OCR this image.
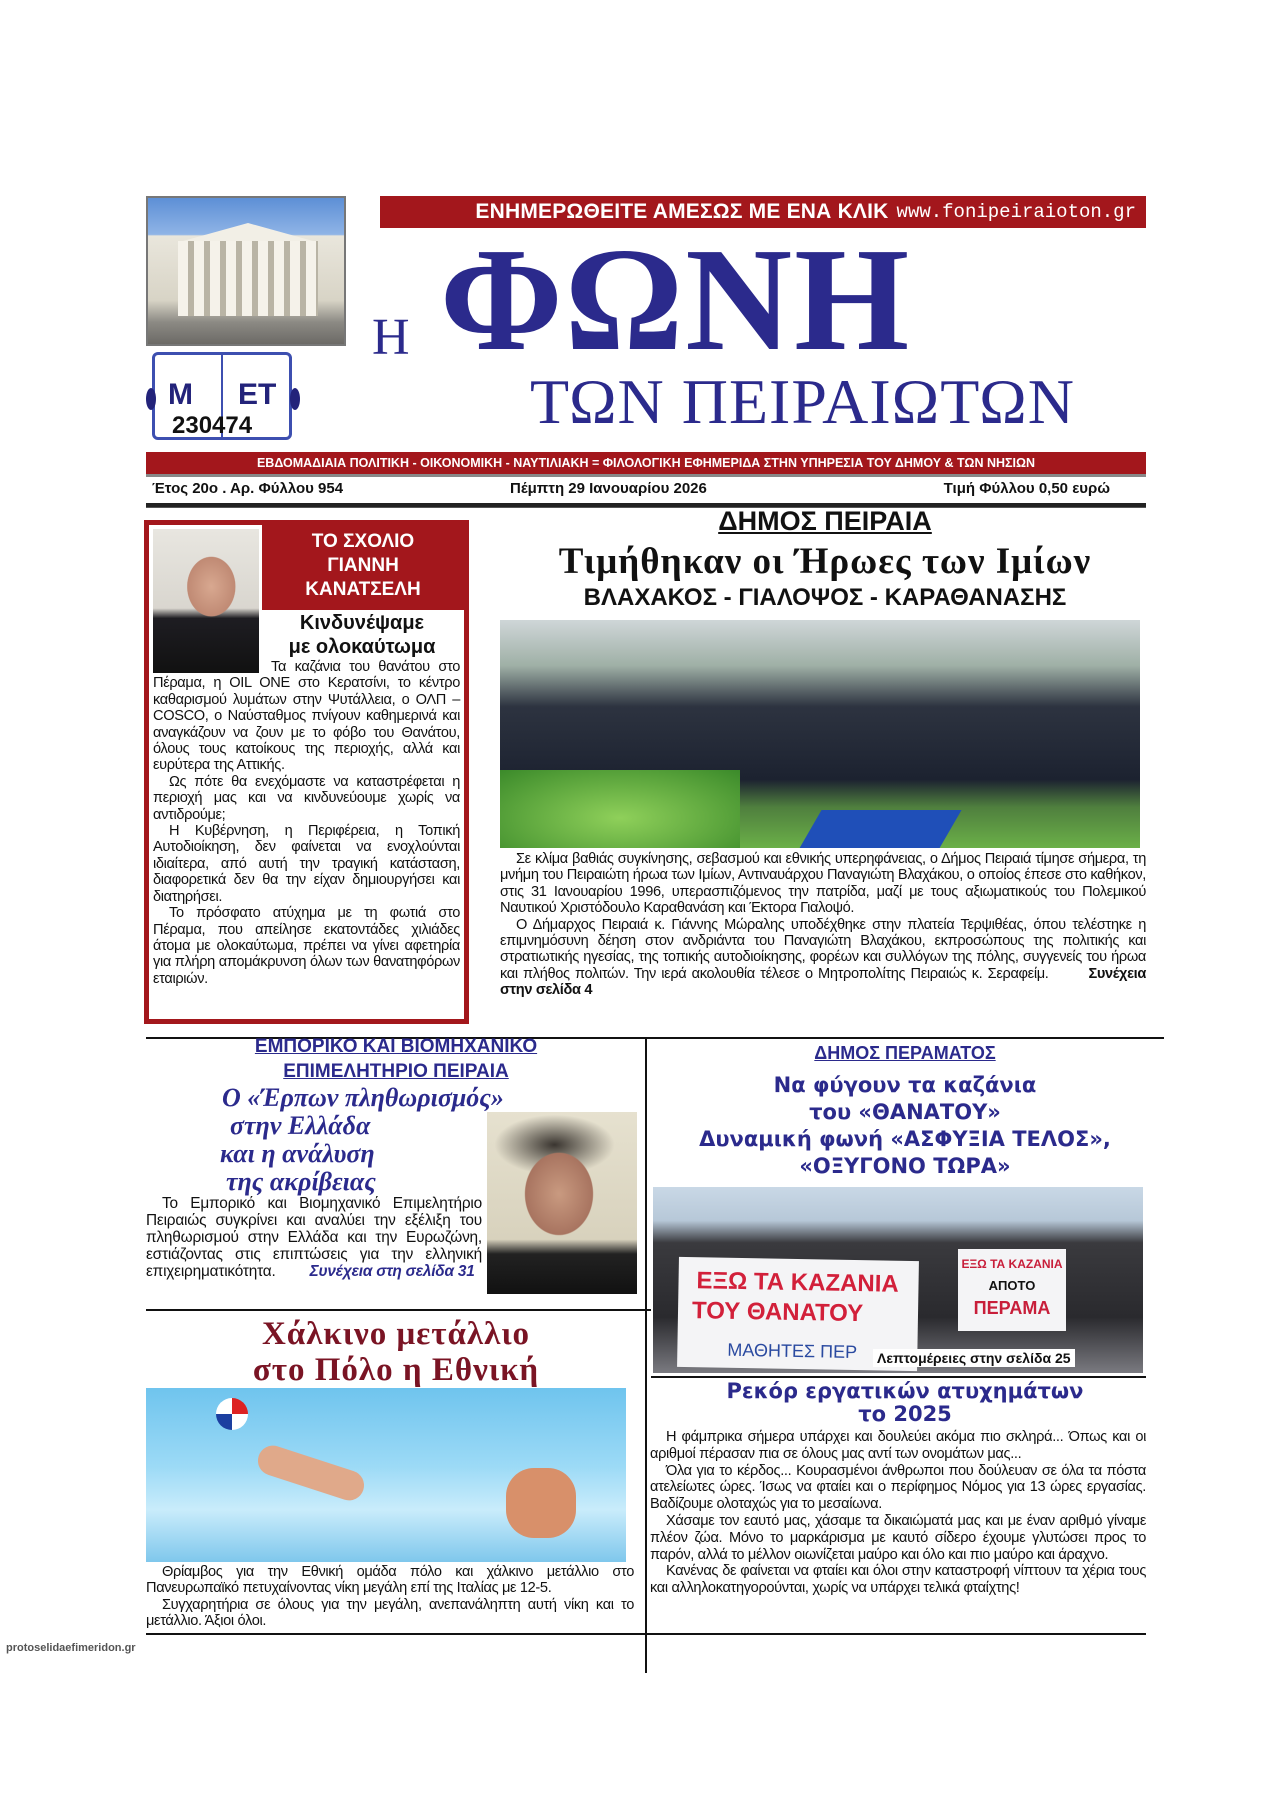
ΕΝΗΜΕΡΩΘΕΙΤΕ ΑΜΕΣΩΣ ΜΕ ΕΝΑ ΚΛΙΚ www.fonipeiraioton.gr
Η ΦΩΝΗ
ΤΩΝ ΠΕΙΡΑΙΩΤΩΝ
Μ ΕΤ
230474
ΕΒΔΟΜΑΔΙΑΙΑ ΠΟΛΙΤΙΚΗ - ΟΙΚΟΝΟΜΙΚΗ - ΝΑΥΤΙΛΙΑΚΗ = ΦΙΛΟΛΟΓΙΚΗ ΕΦΗΜΕΡΙΔΑ ΣΤΗΝ ΥΠΗΡΕΣΙΑ ΤΟΥ ΔΗΜΟΥ & ΤΩΝ ΝΗΣΙΩΝ
Έτος 20ο . Αρ. Φύλλου 954	Πέμπτη 29 Ιανουαρίου 2026	Τιμή Φύλλου 0,50 ευρώ
ΤΟ ΣΧΟΛΙΟ
ΓΙΑΝΝΗ
ΚΑΝΑΤΣΕΛΗ
Κινδυνέψαμε
με ολοκαύτωμα

Τα καζάνια του θανάτου στο Πέραμα, η OIL ONE στο Κερατσίνι, το κέντρο καθαρισμού λυμάτων στην Ψυτάλλεια, ο ΟΛΠ – COSCO, ο Ναύσταθμος πνίγουν καθημερινά και αναγκάζουν να ζουν με το φόβο του Θανάτου, όλους τους κατοίκους της περιοχής, αλλά και ευρύτερα της Αττικής.

Ως πότε θα ενεχόμαστε να καταστρέφεται η περιοχή μας και να κινδυνεύουμε χωρίς να αντιδρούμε;

Η Κυβέρνηση, η Περιφέρεια, η Τοπική Αυτοδιοίκηση, δεν φαίνεται να ενοχλούνται ιδιαίτερα, από αυτή την τραγική κατάσταση, διαφορετικά δεν θα την είχαν δημιουργήσει και διατηρήσει.

Το πρόσφατο ατύχημα με τη φωτιά στο Πέραμα, που απείλησε εκατοντάδες χιλιάδες άτομα με ολοκαύτωμα, πρέπει να γίνει αφετηρία για πλήρη απομάκρυνση όλων των θανατηφόρων εταιριών.

ΔΗΜΟΣ ΠΕΙΡΑΙΑ
Τιμήθηκαν οι Ήρωες των Ιμίων
ΒΛΑΧΑΚΟΣ - ΓΙΑΛΟΨΟΣ - ΚΑΡΑΘΑΝΑΣΗΣ

Σε κλίμα βαθιάς συγκίνησης, σεβασμού και εθνικής υπερηφάνειας, ο Δήμος Πειραιά τίμησε σήμερα, τη μνήμη του Πειραιώτη ήρωα των Ιμίων, Αντιναυάρχου Παναγιώτη Βλαχάκου, ο οποίος έπεσε στο καθήκον, στις 31 Ιανουαρίου 1996, υπερασπιζόμενος την πατρίδα, μαζί με τους αξιωματικούς του Πολεμικού Ναυτικού Χριστόδουλο Καραθανάση και Έκτορα Γιαλοψό.

Ο Δήμαρχος Πειραιά κ. Γιάννης Μώραλης υποδέχθηκε στην πλατεία Τερψιθέας, όπου τελέστηκε η επιμνημόσυνη δέηση στον ανδριάντα του Παναγιώτη Βλαχάκου, εκπροσώπους της πολιτικής και στρατιωτικής ηγεσίας, της τοπικής αυτοδιοίκησης, φορέων και συλλόγων της πόλης, συγγενείς του ήρωα και πλήθος πολιτών. Την ιερά ακολουθία τέλεσε ο Μητροπολίτης Πειραιώς κ. Σεραφείμ.	Συνέχεια στην σελίδα 4

ΕΜΠΟΡΙΚΟ ΚΑΙ ΒΙΟΜΗΧΑΝΙΚΟ
ΕΠΙΜΕΛΗΤΗΡΙΟ ΠΕΙΡΑΙΑ
Ο «Έρπων πληθωρισμός»
στην Ελλάδα
και η ανάλυση
της ακρίβειας
Το Εμπορικό και Βιομηχανικό Επιμελητήριο Πειραιώς συγκρίνει και αναλύει την εξέλιξη του πληθωρισμού στην Ελλάδα και την Ευρωζώνη, εστιάζοντας στις επιπτώσεις για την ελληνική επιχειρηματικότητα. Συνέχεια στη σελίδα 31
Χάλκινο μετάλλιο
στο Πόλο η Εθνική

Θρίαμβος για την Εθνική ομάδα πόλο και χάλκινο μετάλλιο στο Πανευρωπαϊκό πετυχαίνοντας νίκη μεγάλη επί της Ιταλίας με 12-5.

Συγχαρητήρια σε όλους για την μεγάλη, ανεπανάληπτη αυτή νίκη και το μετάλλιο. Άξιοι όλοι.

protoselidaefimeridon.gr
ΔΗΜΟΣ ΠΕΡΑΜΑΤΟΣ
Να φύγουν τα καζάνια
του «ΘΑΝΑΤΟΥ»
Δυναμική φωνή «ΑΣΦΥΞΙΑ ΤΕΛΟΣ»,
«ΟΞΥΓΟΝΟ ΤΩΡΑ»
ΕΞΩ ΤΑ ΚΑΖΑΝΙΑ
ΤΟΥ ΘΑΝΑΤΟΥ
ΜΑΘΗΤΕΣ ΠΕΡ
ΕΞΩ ΤΑ ΚΑΖΑΝΙΑ
ΑΠΟΤΟ
ΠΕΡΑΜΑ
Λεπτομέρειες στην σελίδα 25
Ρεκόρ εργατικών ατυχημάτων
το 2025

Η φάμπρικα σήμερα υπάρχει και δουλεύει ακόμα πιο σκληρά... Όπως και οι αριθμοί πέρασαν πια σε όλους μας αντί των ονομάτων μας...

Όλα για το κέρδος... Κουρασμένοι άνθρωποι που δούλευαν σε όλα τα πόστα ατελείωτες ώρες. Ίσως να φταίει και ο περίφημος Νόμος για 13 ώρες εργασίας. Βαδίζουμε ολοταχώς για το μεσαίωνα.

Χάσαμε τον εαυτό μας, χάσαμε τα δικαιώματά μας και με έναν αριθμό γίναμε πλέον ζώα. Μόνο το μαρκάρισμα με καυτό σίδερο έχουμε γλυτώσει προς το παρόν, αλλά το μέλλον οιωνίζεται μαύρο και όλο και πιο μαύρο και άραχνο.

Κανένας δε φαίνεται να φταίει και όλοι στην καταστροφή νίπτουν τα χέρια τους και αλληλοκατηγορούνται, χωρίς να υπάρχει τελικά φταίχτης!
